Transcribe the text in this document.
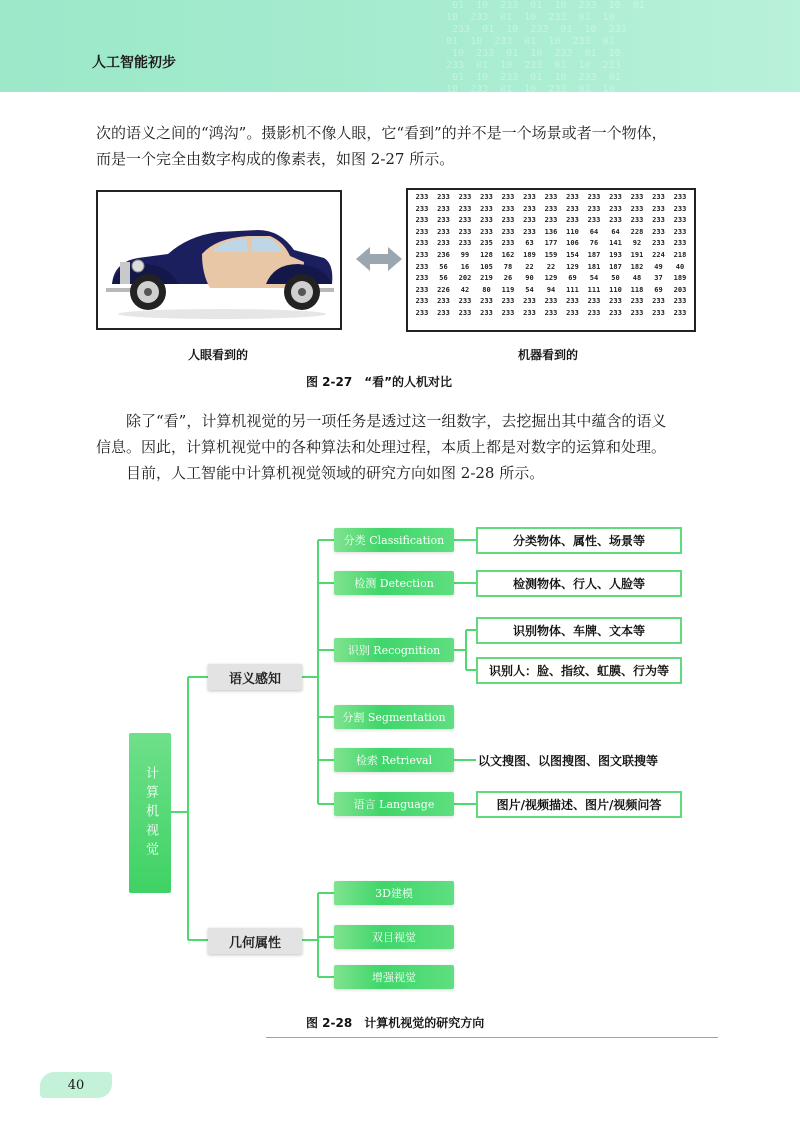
01  10  233  01  10  233  10  01
10  233  01  10  233  01  10
233  01  10  233  01  10  233
01  10  233  01  10  233  01
10  233  01  10  233  01  10
233  01  10  233  01  10  233
01  10  233  01  10  233  01
10  233  01  10  233  01  10
人工智能初步
次的语义之间的“鸿沟”。摄影机不像人眼，它“看到”的并不是一个场景或者一个物体，
而是一个完全由数字构成的像素表，如图 2-27 所示。
233	233	233	233	233	233	233	233	233	233	233	233	233
233	233	233	233	233	233	233	233	233	233	233	233	233
233	233	233	233	233	233	233	233	233	233	233	233	233
233	233	233	233	233	233	136	110	64	64	228	233	233
233	233	233	235	233	63	177	106	76	141	92	233	233
233	236	99	128	162	189	159	154	187	193	191	224	218
233	56	16	105	78	22	22	129	181	187	182	49	40
233	56	202	219	26	90	129	69	54	50	48	37	189
233	226	42	80	119	54	94	111	111	110	118	69	203
233	233	233	233	233	233	233	233	233	233	233	233	233
233	233	233	233	233	233	233	233	233	233	233	233	233
人眼看到的	机器看到的
图 2-27　“看”的人机对比
除了“看”，计算机视觉的另一项任务是透过这一组数字，去挖掘出其中蕴含的语义
信息。因此，计算机视觉中的各种算法和处理过程，本质上都是对数字的运算和处理。
目前，人工智能中计算机视觉领域的研究方向如图 2-28 所示。
计算机视觉
语义感知
几何属性
分类 Classification
检测 Detection
识别 Recognition
分割 Segmentation
检索 Retrieval
语言 Language
3D建模
双目视觉
增强视觉
分类物体、属性、场景等
检测物体、行人、人脸等
识别物体、车牌、文本等
识别人：脸、指纹、虹膜、行为等
以文搜图、以图搜图、图文联搜等
图片/视频描述、图片/视频问答
图 2-28　计算机视觉的研究方向
40
